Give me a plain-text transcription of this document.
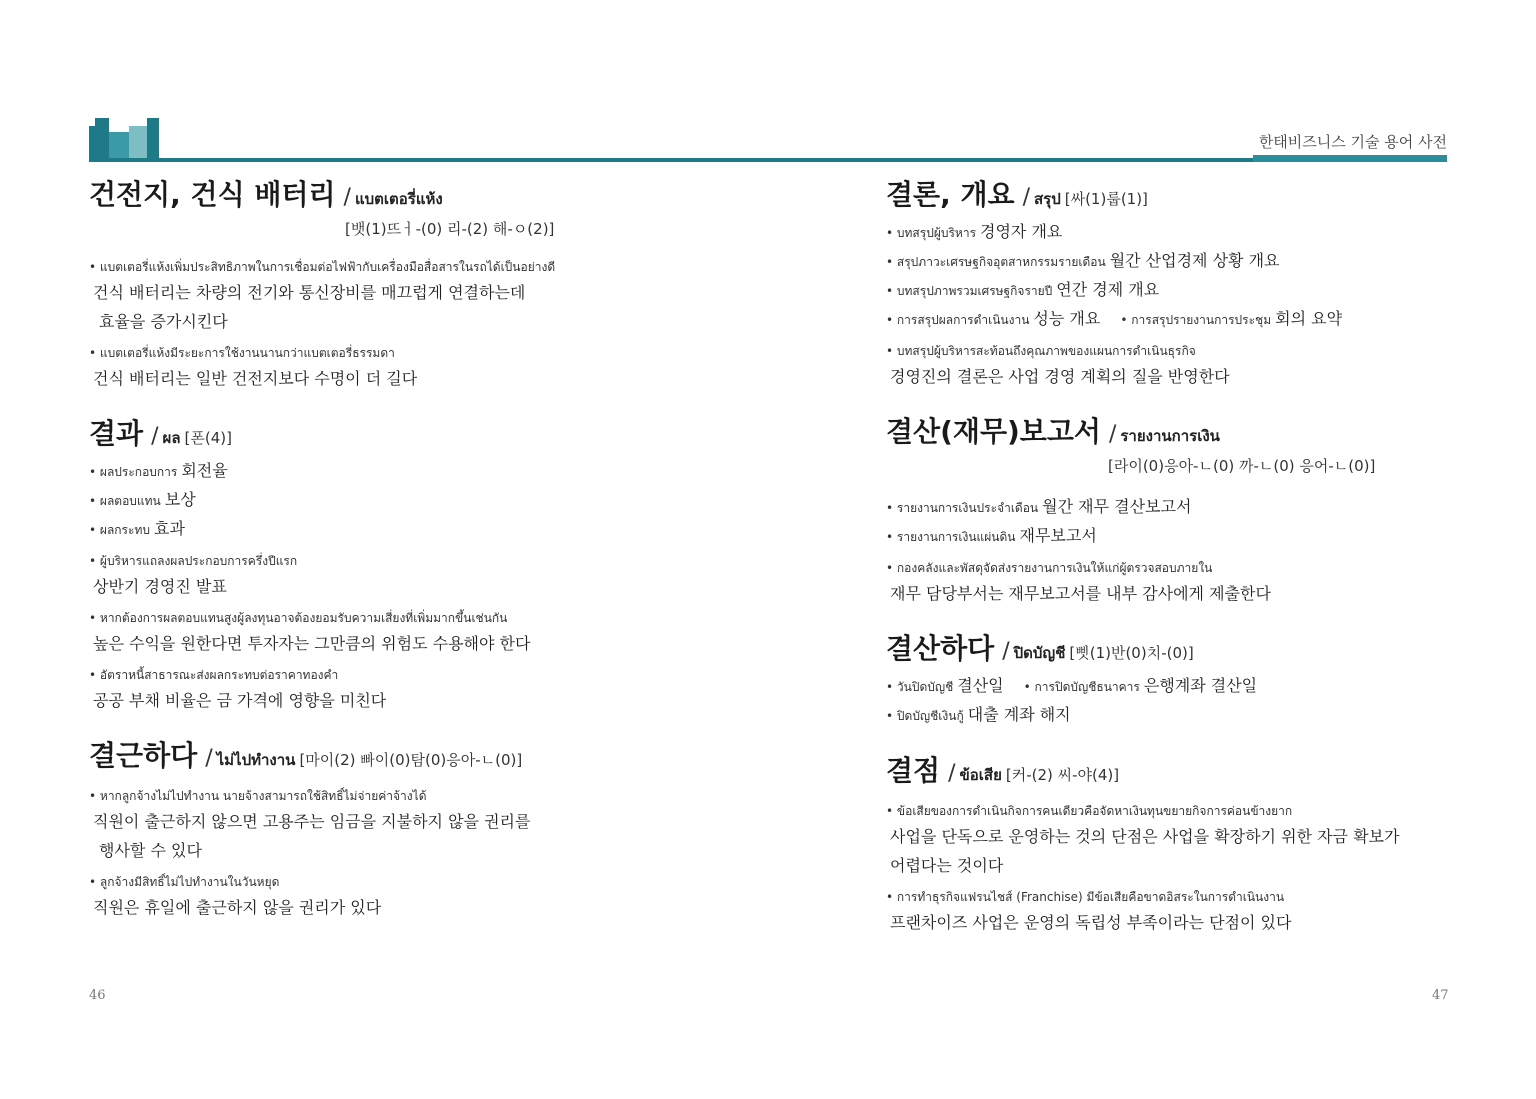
한태비즈니스 기술 용어 사전
건전지, 건식 배터리 / แบตเตอรี่แห้ง
[뱃(1)뜨ㅓ-(0) 리-(2) 해-ㅇ(2)]
• แบตเตอรี่แห้งเพิ่มประสิทธิภาพในการเชื่อมต่อไฟฟ้ากับเครื่องมือสื่อสารในรถได้เป็นอย่างดี
건식 배터리는 차량의 전기와 통신장비를 매끄럽게 연결하는데
효율을 증가시킨다
• แบตเตอรี่แห้งมีระยะการใช้งานนานกว่าแบตเตอรี่ธรรมดา
건식 배터리는 일반 건전지보다 수명이 더 길다
결과 / ผล [폰(4)]
• ผลประกอบการ 회전율
• ผลตอบแทน 보상
• ผลกระทบ 효과
• ผู้บริหารแถลงผลประกอบการครึ่งปีแรก
상반기 경영진 발표
• หากต้องการผลตอบแทนสูงผู้ลงทุนอาจต้องยอมรับความเสี่ยงที่เพิ่มมากขึ้นเช่นกัน
높은 수익을 원한다면 투자자는 그만큼의 위험도 수용해야 한다
• อัตราหนี้สาธารณะส่งผลกระทบต่อราคาทองคำ
공공 부채 비율은 금 가격에 영향을 미친다
결근하다 / ไม่ไปทำงาน [마이(2) 빠이(0)탐(0)응아-ㄴ(0)]
• หากลูกจ้างไม่ไปทำงาน นายจ้างสามารถใช้สิทธิ์ไม่จ่ายค่าจ้างได้
직원이 출근하지 않으면 고용주는 임금을 지불하지 않을 권리를
행사할 수 있다
• ลูกจ้างมีสิทธิ์ไม่ไปทำงานในวันหยุด
직원은 휴일에 출근하지 않을 권리가 있다
결론, 개요 / สรุป [싸(1)룹(1)]
• บทสรุปผู้บริหาร 경영자 개요
• สรุปภาวะเศรษฐกิจอุตสาหกรรมรายเดือน 월간 산업경제 상황 개요
• บทสรุปภาพรวมเศรษฐกิจรายปี 연간 경제 개요
• การสรุปผลการดำเนินงาน 성능 개요 • การสรุปรายงานการประชุม 회의 요약
• บทสรุปผู้บริหารสะท้อนถึงคุณภาพของแผนการดำเนินธุรกิจ
경영진의 결론은 사업 경영 계획의 질을 반영한다
결산(재무)보고서 / รายงานการเงิน
[라이(0)응아-ㄴ(0) 까-ㄴ(0) 응어-ㄴ(0)]
• รายงานการเงินประจำเดือน 월간 재무 결산보고서
• รายงานการเงินแผ่นดิน 재무보고서
• กองคลังและพัสดุจัดส่งรายงานการเงินให้แก่ผู้ตรวจสอบภายใน
재무 담당부서는 재무보고서를 내부 감사에게 제출한다
결산하다 / ปิดบัญชี [삣(1)반(0)치-(0)]
• วันปิดบัญชี 결산일 • การปิดบัญชีธนาคาร 은행계좌 결산일
• ปิดบัญชีเงินกู้ 대출 계좌 해지
결점 / ข้อเสีย [커-(2) 씨-야(4)]
• ข้อเสียของการดำเนินกิจการคนเดียวคือจัดหาเงินทุนขยายกิจการค่อนข้างยาก
사업을 단독으로 운영하는 것의 단점은 사업을 확장하기 위한 자금 확보가
어렵다는 것이다
• การทำธุรกิจแฟรนไชส์ (Franchise) มีข้อเสียคือขาดอิสระในการดำเนินงาน
프랜차이즈 사업은 운영의 독립성 부족이라는 단점이 있다
46	47
